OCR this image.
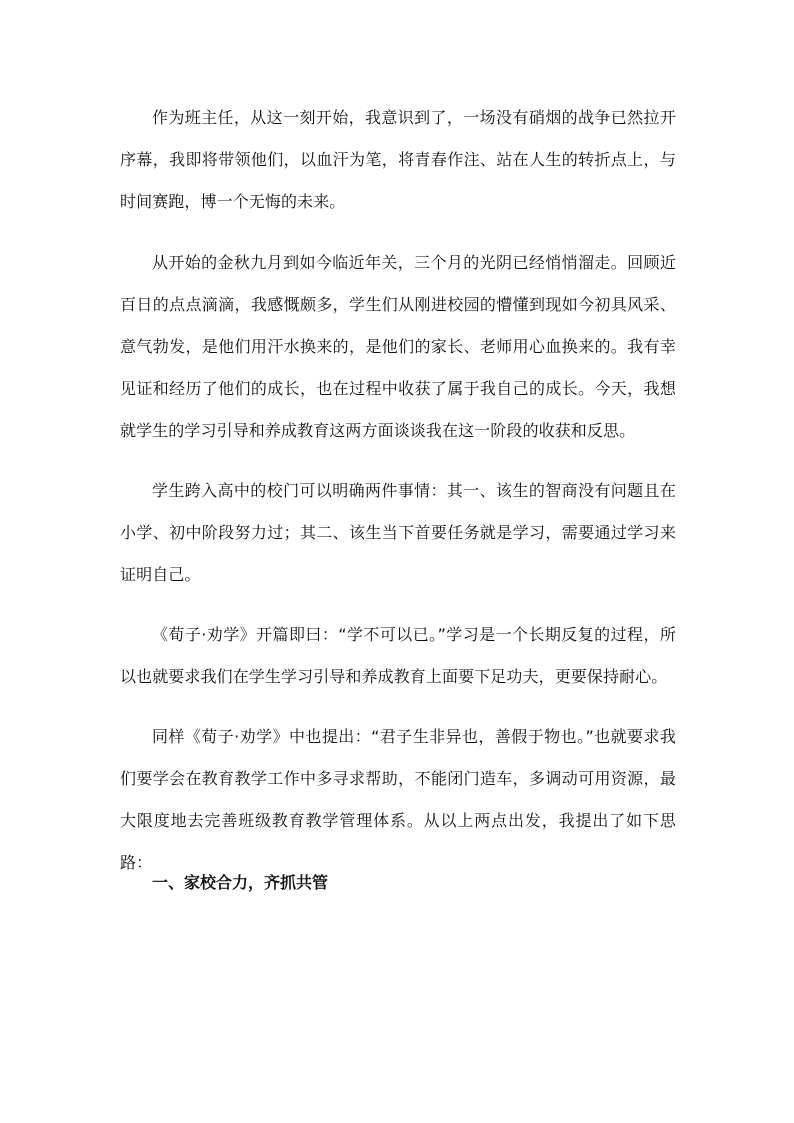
作为班主任，从这一刻开始，我意识到了，一场没有硝烟的战争已然拉开序幕，我即将带领他们，以血汗为笔，将青春作注、站在人生的转折点上，与时间赛跑，博一个无悔的未来。

从开始的金秋九月到如今临近年关，三个月的光阴已经悄悄溜走。回顾近百日的点点滴滴，我感慨颇多，学生们从刚进校园的懵懂到现如今初具风采、意气勃发，是他们用汗水换来的，是他们的家长、老师用心血换来的。我有幸见证和经历了他们的成长，也在过程中收获了属于我自己的成长。今天，我想就学生的学习引导和养成教育这两方面谈谈我在这一阶段的收获和反思。

学生跨入高中的校门可以明确两件事情：其一、该生的智商没有问题且在小学、初中阶段努力过；其二、该生当下首要任务就是学习，需要通过学习来证明自己。

《荀子·劝学》开篇即曰：“学不可以已。”学习是一个长期反复的过程，所以也就要求我们在学生学习引导和养成教育上面要下足功夫，更要保持耐心。

同样《荀子·劝学》中也提出：“君子生非异也，善假于物也。”也就要求我们要学会在教育教学工作中多寻求帮助，不能闭门造车，多调动可用资源，最大限度地去完善班级教育教学管理体系。从以上两点出发，我提出了如下思路：

一、家校合力，齐抓共管
